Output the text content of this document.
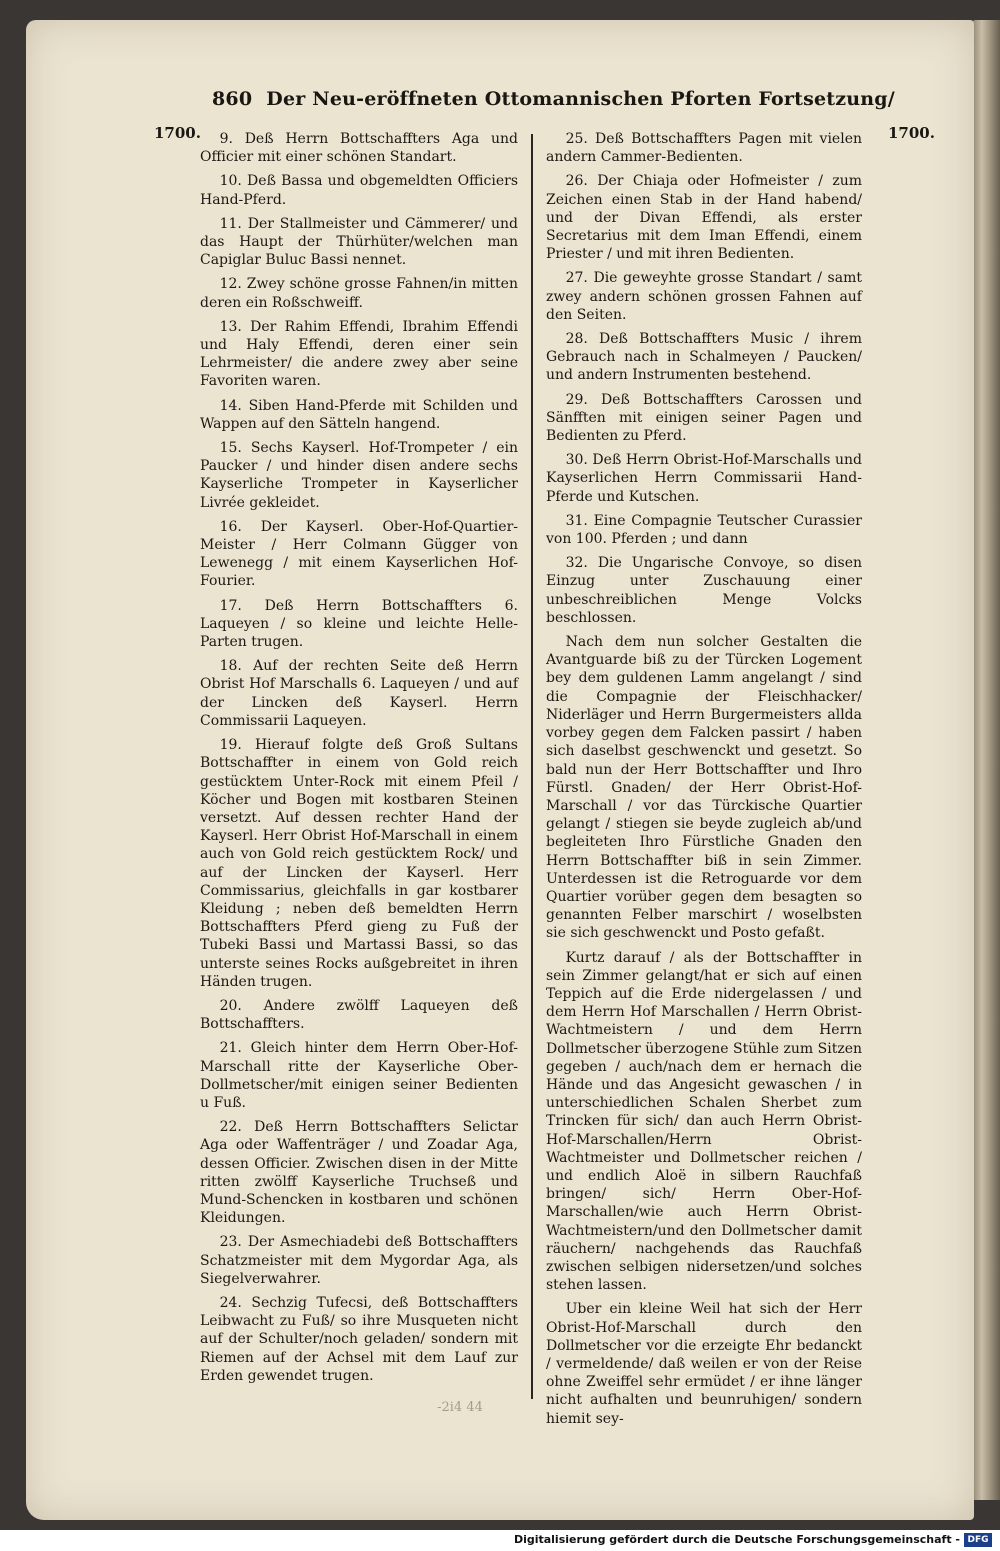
860 Der Neu-eröffneten Ottomannischen Pforten Fortsetzung/
1700.	1700.

9. Deß Herrn Bottschaffters Aga und Officier mit einer schönen Standart.

10. Deß Bassa und obgemeldten Officiers Hand-Pferd.

11. Der Stallmeister und Cämmerer/ und das Haupt der Thürhüter/welchen man Capiglar Buluc Bassi nennet.

12. Zwey schöne grosse Fahnen/in mitten deren ein Roßschweiff.

13. Der Rahim Effendi, Ibrahim Effendi und Haly Effendi, deren einer sein Lehrmeister/ die andere zwey aber seine Favoriten waren.

14. Siben Hand-Pferde mit Schilden und Wappen auf den Sätteln hangend.

15. Sechs Kayserl. Hof-Trompeter / ein Paucker / und hinder disen andere sechs Kayserliche Trompeter in Kayserlicher Livrée gekleidet.

16. Der Kayserl. Ober-Hof-Quartier-Meister / Herr Colmann Gügger von Lewenegg / mit einem Kayserlichen Hof-Fourier.

17. Deß Herrn Bottschaffters 6. Laqueyen / so kleine und leichte Helle-Parten trugen.

18. Auf der rechten Seite deß Herrn Obrist Hof Marschalls 6. Laqueyen / und auf der Lincken deß Kayserl. Herrn Commissarii Laqueyen.

19. Hierauf folgte deß Groß Sultans Bottschaffter in einem von Gold reich gestücktem Unter-Rock mit einem Pfeil / Köcher und Bogen mit kostbaren Steinen versetzt. Auf dessen rechter Hand der Kayserl. Herr Obrist Hof-Marschall in einem auch von Gold reich gestücktem Rock/ und auf der Lincken der Kayserl. Herr Commissarius, gleichfalls in gar kostbarer Kleidung ; neben deß bemeldten Herrn Bottschaffters Pferd gieng zu Fuß der Tubeki Bassi und Martassi Bassi, so das unterste seines Rocks außgebreitet in ihren Händen trugen.

20. Andere zwölff Laqueyen deß Bottschaffters.

21. Gleich hinter dem Herrn Ober-Hof-Marschall ritte der Kayserliche Ober-Dollmetscher/mit einigen seiner Bedienten u Fuß.

22. Deß Herrn Bottschaffters Selictar Aga oder Waffenträger / und Zoadar Aga, dessen Officier. Zwischen disen in der Mitte ritten zwölff Kayserliche Truchseß und Mund-Schencken in kostbaren und schönen Kleidungen.

23. Der Asmechiadebi deß Bottschaffters Schatzmeister mit dem Mygordar Aga, als Siegelverwahrer.

24. Sechzig Tufecsi, deß Bottschaffters Leibwacht zu Fuß/ so ihre Musqueten nicht auf der Schulter/noch geladen/ sondern mit Riemen auf der Achsel mit dem Lauf zur Erden gewendet trugen.

25. Deß Bottschaffters Pagen mit vielen andern Cammer-Bedienten.

26. Der Chiaja oder Hofmeister / zum Zeichen einen Stab in der Hand habend/ und der Divan Effendi, als erster Secretarius mit dem Iman Effendi, einem Priester / und mit ihren Bedienten.

27. Die geweyhte grosse Standart / samt zwey andern schönen grossen Fahnen auf den Seiten.

28. Deß Bottschaffters Music / ihrem Gebrauch nach in Schalmeyen / Paucken/ und andern Instrumenten bestehend.

29. Deß Bottschaffters Carossen und Sänfften mit einigen seiner Pagen und Bedienten zu Pferd.

30. Deß Herrn Obrist-Hof-Marschalls und Kayserlichen Herrn Commissarii Hand-Pferde und Kutschen.

31. Eine Compagnie Teutscher Curassier von 100. Pferden ; und dann

32. Die Ungarische Convoye, so disen Einzug unter Zuschauung einer unbeschreiblichen Menge Volcks beschlossen.

Nach dem nun solcher Gestalten die Avantguarde biß zu der Türcken Logement bey dem guldenen Lamm angelangt / sind die Compagnie der Fleischhacker/ Niderläger und Herrn Burgermeisters allda vorbey gegen dem Falcken passirt / haben sich daselbst geschwenckt und gesetzt. So bald nun der Herr Bottschaffter und Ihro Fürstl. Gnaden/ der Herr Obrist-Hof-Marschall / vor das Türckische Quartier gelangt / stiegen sie beyde zugleich ab/und begleiteten Ihro Fürstliche Gnaden den Herrn Bottschaffter biß in sein Zimmer. Unterdessen ist die Retroguarde vor dem Quartier vorüber gegen dem besagten so genannten Felber marschirt / woselbsten sie sich geschwenckt und Posto gefaßt.

Kurtz darauf / als der Bottschaffter in sein Zimmer gelangt/hat er sich auf einen Teppich auf die Erde nidergelassen / und dem Herrn Hof Marschallen / Herrn Obrist-Wachtmeistern / und dem Herrn Dollmetscher überzogene Stühle zum Sitzen gegeben / auch/nach dem er hernach die Hände und das Angesicht gewaschen / in unterschiedlichen Schalen Sherbet zum Trincken für sich/ dan auch Herrn Obrist-Hof-Marschallen/Herrn Obrist-Wachtmeister und Dollmetscher reichen / und endlich Aloë in silbern Rauchfaß bringen/ sich/ Herrn Ober-Hof-Marschallen/wie auch Herrn Obrist-Wachtmeistern/und den Dollmetscher damit räuchern/ nachgehends das Rauchfaß zwischen selbigen nidersetzen/und solches stehen lassen.

Uber ein kleine Weil hat sich der Herr Obrist-Hof-Marschall durch den Dollmetscher vor die erzeigte Ehr bedanckt / vermeldende/ daß weilen er von der Reise ohne Zweiffel sehr ermüdet / er ihne länger nicht aufhalten und beunruhigen/ sondern hiemit sey-

-2i4 44
Digitalisierung gefördert durch die Deutsche Forschungsgemeinschaft - DFG
